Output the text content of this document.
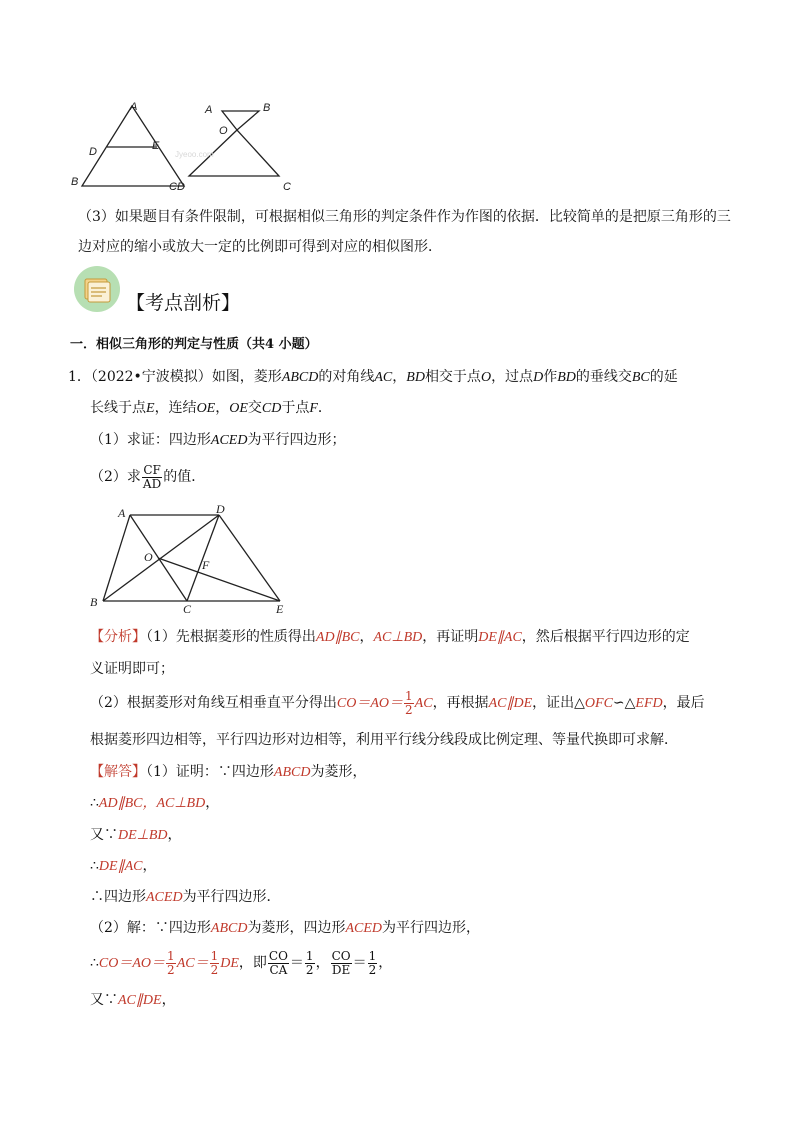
A
D	E
B	CD
A	B
O
C
Jyeoo.com
（3）如果题目有条件限制，可根据相似三角形的判定条件作为作图的依据．比较简单的是把原三角形的三
边对应的缩小或放大一定的比例即可得到对应的相似图形．
【考点剖析】
一．相似三角形的判定与性质（共4 小题）
1．（2022•宁波模拟）如图，菱形ABCD的对角线AC，BD相交于点O，过点D作BD的垂线交BC的延
长线于点E，连结OE，OE交CD于点F．
（1）求证：四边形ACED为平行四边形；
（2）求 $\frac{CF}{AD}$ 的值．
A	D
O
F
B	C	E
【分析】（1）先根据菱形的性质得出AD∥BC，AC⊥BD，再证明DE∥AC，然后根据平行四边形的定
义证明即可；
（2）根据菱形对角线互相垂直平分得出$CO=AO= \frac{1}{2}$ AC，再根据AC∥DE，证出△OFC∽△EFD，最后
根据菱形四边相等，平行四边形对边相等，利用平行线分线段成比例定理、等量代换即可求解．
【解答】（1）证明：∵四边形ABCD为菱形，
∴AD∥BC，AC⊥BD，
又∵DE⊥BD，
∴DE∥AC，
∴四边形ACED为平行四边形．
（2）解：∵四边形ABCD为菱形，四边形ACED为平行四边形，
∴CO＝AO＝ $\frac{1}{2} AC= \frac{1}{2}$ DE，即 $\frac{CO}{CA} = \frac{1}{2}$ ， $\frac{CO}{DE} = \frac{1}{2}$ ，
又∵AC∥DE，
